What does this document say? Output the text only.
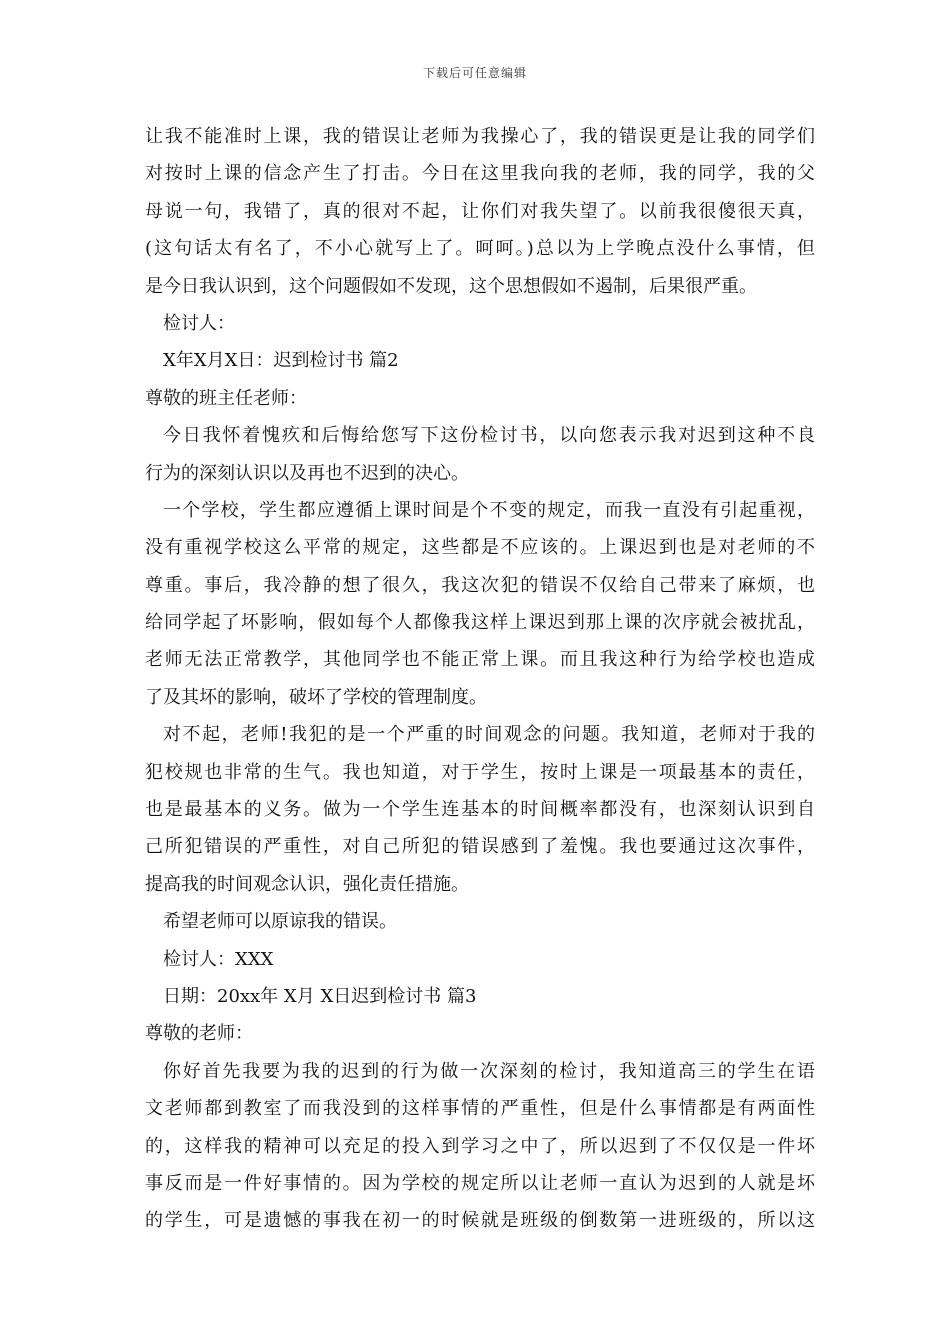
下载后可任意编辑
让我不能准时上课，我的错误让老师为我操心了，我的错误更是让我的同学们
对按时上课的信念产生了打击。今日在这里我向我的老师，我的同学，我的父
母说一句，我错了，真的很对不起，让你们对我失望了。以前我很傻很天真，
(这句话太有名了，不小心就写上了。呵呵。)总以为上学晚点没什么事情，但
是今日我认识到，这个问题假如不发现，这个思想假如不遏制，后果很严重。
检讨人：
X年X月X日：迟到检讨书 篇2
尊敬的班主任老师：
今日我怀着愧疚和后悔给您写下这份检讨书，以向您表示我对迟到这种不良
行为的深刻认识以及再也不迟到的决心。
一个学校，学生都应遵循上课时间是个不变的规定，而我一直没有引起重视，
没有重视学校这么平常的规定，这些都是不应该的。上课迟到也是对老师的不
尊重。事后，我冷静的想了很久，我这次犯的错误不仅给自己带来了麻烦，也
给同学起了坏影响，假如每个人都像我这样上课迟到那上课的次序就会被扰乱，
老师无法正常教学，其他同学也不能正常上课。而且我这种行为给学校也造成
了及其坏的影响，破坏了学校的管理制度。
对不起，老师!我犯的是一个严重的时间观念的问题。我知道，老师对于我的
犯校规也非常的生气。我也知道，对于学生，按时上课是一项最基本的责任，
也是最基本的义务。做为一个学生连基本的时间概率都没有，也深刻认识到自
己所犯错误的严重性，对自己所犯的错误感到了羞愧。我也要通过这次事件，
提高我的时间观念认识，强化责任措施。
希望老师可以原谅我的错误。
检讨人：XXX
日期：20xx年 X月 X日迟到检讨书 篇3
尊敬的老师：
你好首先我要为我的迟到的行为做一次深刻的检讨，我知道高三的学生在语
文老师都到教室了而我没到的这样事情的严重性，但是什么事情都是有两面性
的，这样我的精神可以充足的投入到学习之中了，所以迟到了不仅仅是一件坏
事反而是一件好事情的。因为学校的规定所以让老师一直认为迟到的人就是坏
的学生，可是遗憾的事我在初一的时候就是班级的倒数第一进班级的，所以这
